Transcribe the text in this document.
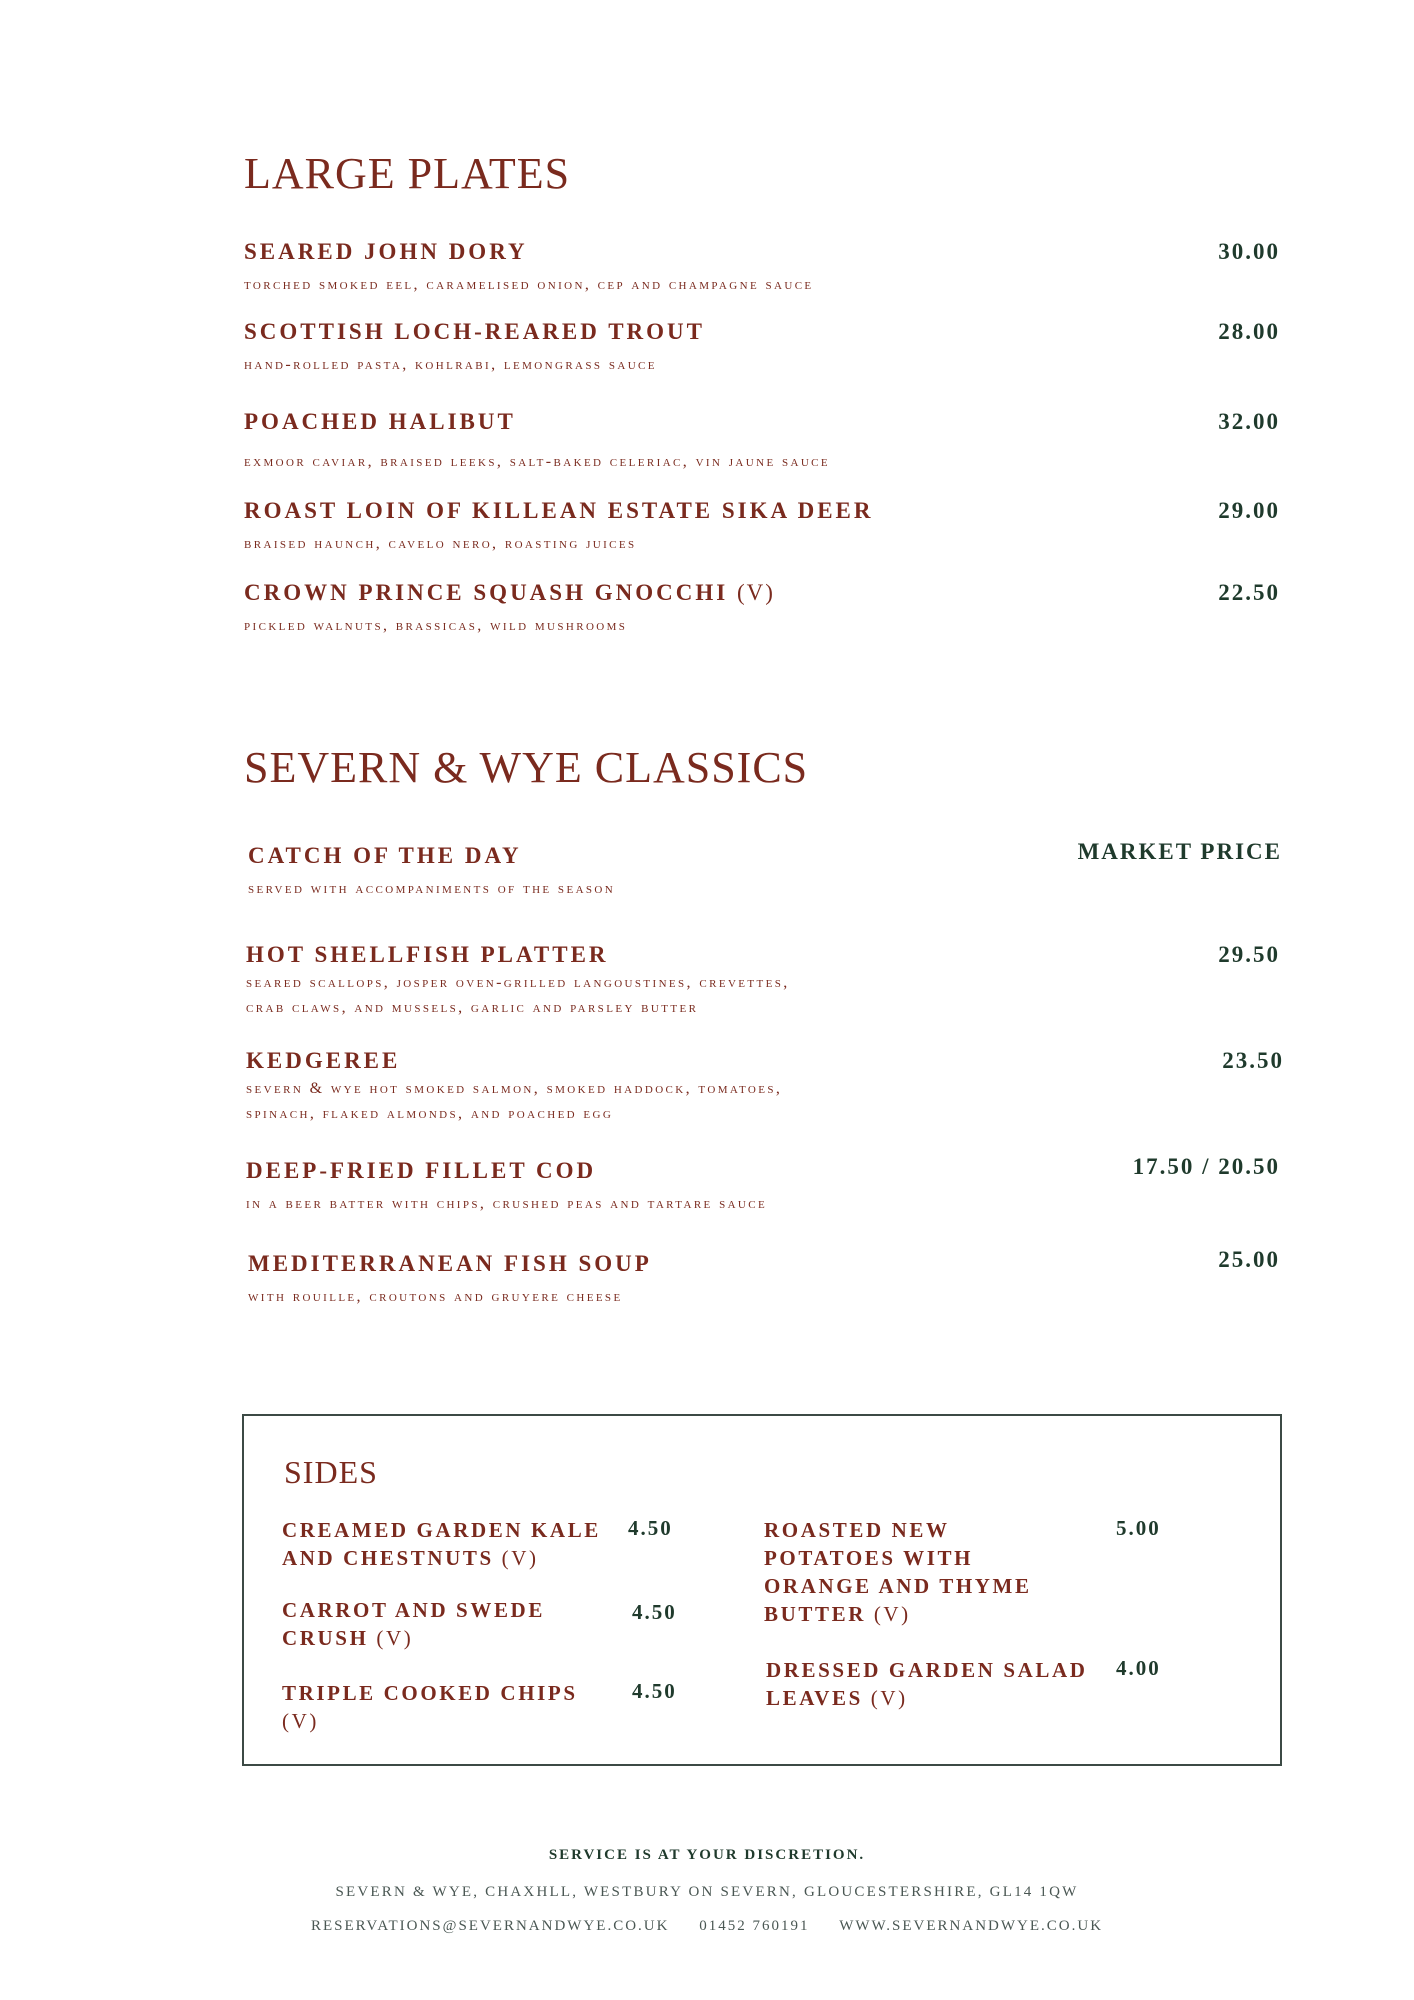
LARGE PLATES
SEARED JOHN DORY
torched smoked eel, caramelised onion, cep and champagne sauce
30.00
SCOTTISH LOCH-REARED TROUT
hand-rolled pasta, kohlrabi, lemongrass sauce
28.00
POACHED HALIBUT
exmoor caviar, braised leeks, salt-baked celeriac, vin jaune sauce
32.00
ROAST LOIN OF KILLEAN ESTATE SIKA DEER
braised haunch, cavelo nero, roasting juices
29.00
CROWN PRINCE SQUASH GNOCCHI (V)
pickled walnuts, brassicas, wild mushrooms
22.50
SEVERN & WYE CLASSICS
CATCH OF THE DAY
served with accompaniments of the season
MARKET PRICE
HOT SHELLFISH PLATTER
seared scallops, josper oven-grilled langoustines, crevettes,
crab claws, and mussels, garlic and parsley butter
29.50
KEDGEREE
severn & wye hot smoked salmon, smoked haddock, tomatoes,
spinach, flaked almonds, and poached egg
23.50
DEEP-FRIED FILLET COD
in a beer batter with chips, crushed peas and tartare sauce
17.50 / 20.50
MEDITERRANEAN FISH SOUP
with rouille, croutons and gruyere cheese
25.00
SIDES
CREAMED GARDEN KALE
AND CHESTNUTS (V)
4.50
CARROT AND SWEDE
CRUSH (V)
4.50
TRIPLE COOKED CHIPS
(V)
4.50
ROASTED NEW
POTATOES WITH
ORANGE AND THYME
BUTTER (V)
5.00
DRESSED GARDEN SALAD
LEAVES (V)
4.00
SERVICE IS AT YOUR DISCRETION.
SEVERN & WYE, CHAXHLL, WESTBURY ON SEVERN, GLOUCESTERSHIRE, GL14 1QW
RESERVATIONS@SEVERNANDWYE.CO.UK 01452 760191 WWW.SEVERNANDWYE.CO.UK
